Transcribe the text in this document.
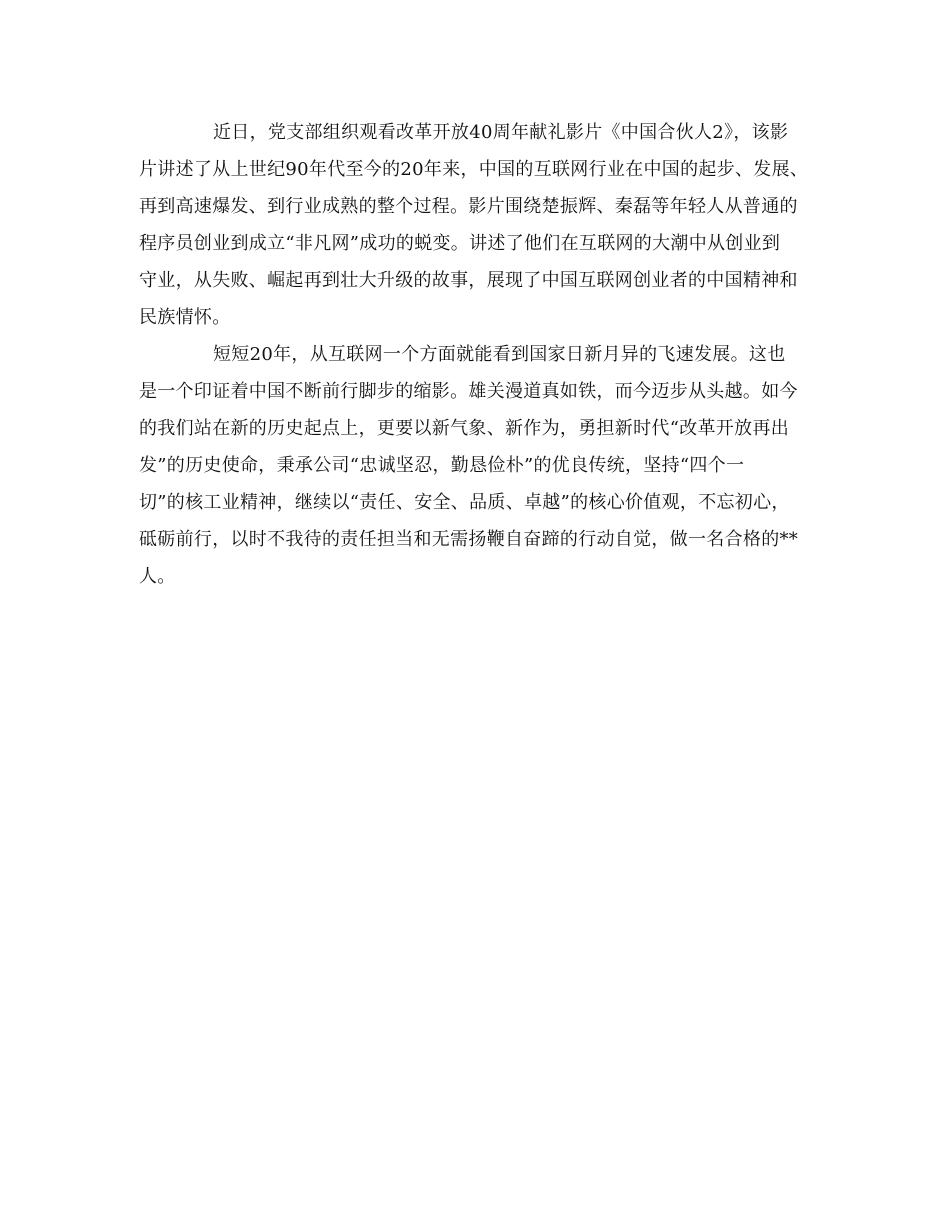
近日，党支部组织观看改革开放40周年献礼影片《中国合伙人2》，该影
片讲述了从上世纪90年代至今的20年来，中国的互联网行业在中国的起步、发展、
再到高速爆发、到行业成熟的整个过程。影片围绕楚振辉、秦磊等年轻人从普通的
程序员创业到成立“非凡网”成功的蜕变。讲述了他们在互联网的大潮中从创业到
守业，从失败、崛起再到壮大升级的故事，展现了中国互联网创业者的中国精神和
民族情怀。
短短20年，从互联网一个方面就能看到国家日新月异的飞速发展。这也
是一个印证着中国不断前行脚步的缩影。雄关漫道真如铁，而今迈步从头越。如今
的我们站在新的历史起点上，更要以新气象、新作为，勇担新时代“改革开放再出
发”的历史使命，秉承公司“忠诚坚忍，勤恳俭朴”的优良传统，坚持“四个一
切”的核工业精神，继续以“责任、安全、品质、卓越”的核心价值观，不忘初心，
砥砺前行，以时不我待的责任担当和无需扬鞭自奋蹄的行动自觉，做一名合格的**
人。
